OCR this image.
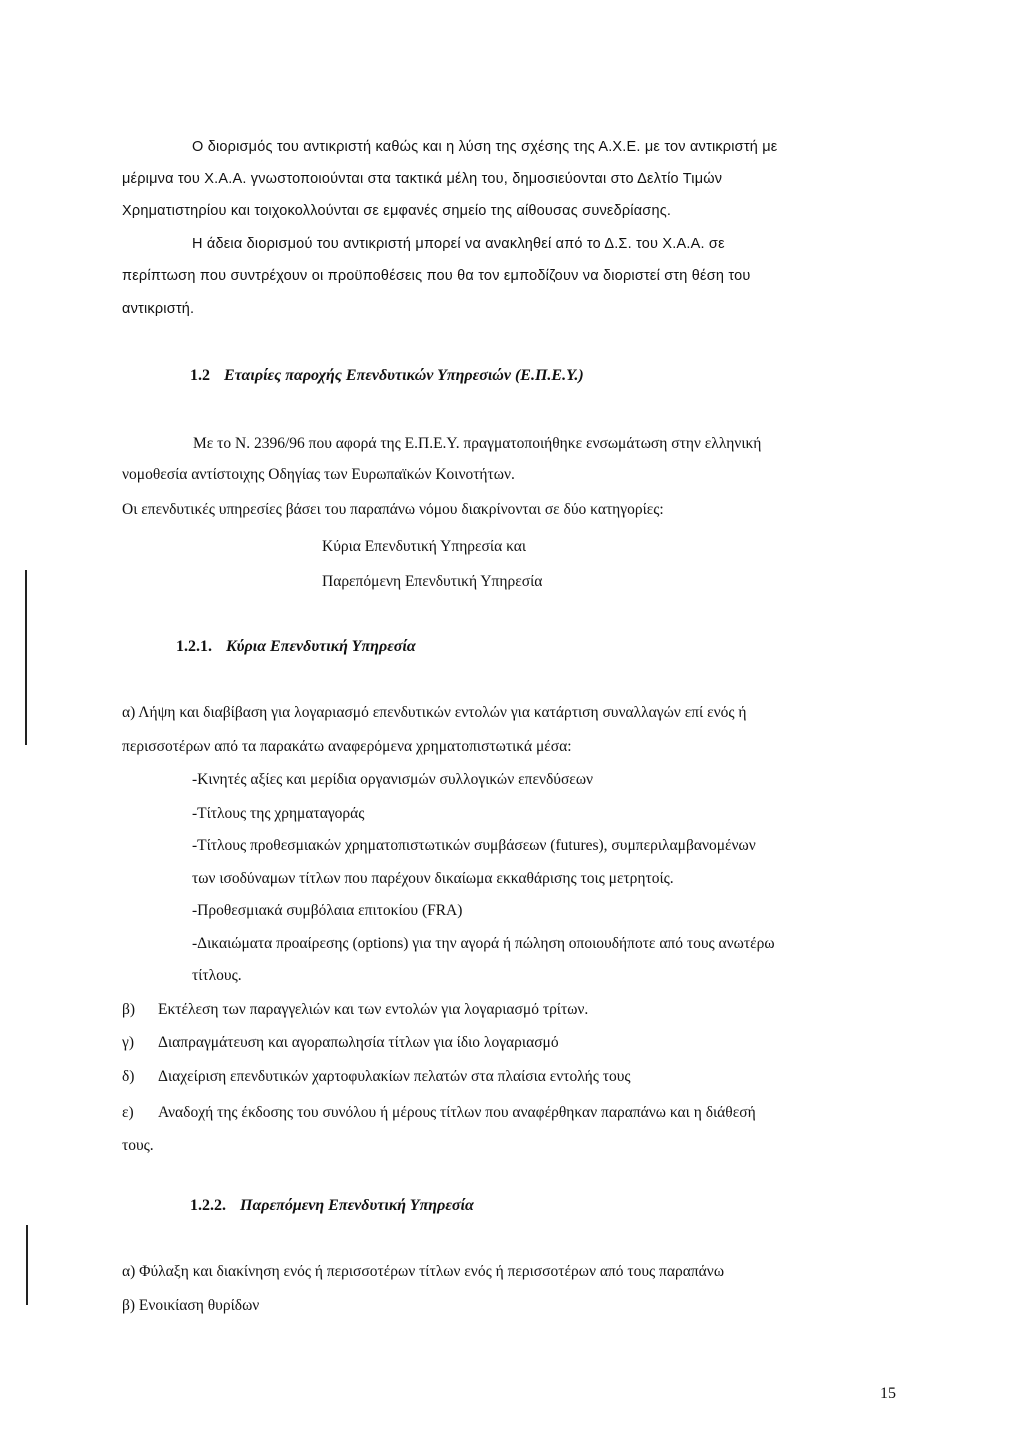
Ο διορισμός του αντικριστή καθώς και η λύση της σχέσης της Α.Χ.Ε. με τον αντικριστή με
μέριμνα του Χ.Α.Α. γνωστοποιούνται στα τακτικά μέλη του, δημοσιεύονται στο Δελτίο Τιμών
Χρηματιστηρίου και τοιχοκολλούνται σε εμφανές σημείο της αίθουσας συνεδρίασης.
Η άδεια διορισμού του αντικριστή μπορεί να ανακληθεί από το Δ.Σ. του Χ.Α.Α. σε
περίπτωση που συντρέχουν οι προϋποθέσεις που θα τον εμποδίζουν να διοριστεί στη θέση του
αντικριστή.
1.2 Εταιρίες παροχής Επενδυτικών Υπηρεσιών (Ε.Π.Ε.Υ.)
Με το Ν. 2396/96 που αφορά της Ε.Π.Ε.Υ. πραγματοποιήθηκε ενσωμάτωση στην ελληνική
νομοθεσία αντίστοιχης Οδηγίας των Ευρωπαϊκών Κοινοτήτων.
Οι επενδυτικές υπηρεσίες βάσει του παραπάνω νόμου διακρίνονται σε δύο κατηγορίες:
Κύρια Επενδυτική Υπηρεσία και
Παρεπόμενη Επενδυτική Υπηρεσία
1.2.1. Κύρια Επενδυτική Υπηρεσία
α) Λήψη και διαβίβαση για λογαριασμό επενδυτικών εντολών για κατάρτιση συναλλαγών επί ενός ή
περισσοτέρων από τα παρακάτω αναφερόμενα χρηματοπιστωτικά μέσα:
-Κινητές αξίες και μερίδια οργανισμών συλλογικών επενδύσεων
-Τίτλους της χρηματαγοράς
-Τίτλους προθεσμιακών χρηματοπιστωτικών συμβάσεων (futures), συμπεριλαμβανομένων
των ισοδύναμων τίτλων που παρέχουν δικαίωμα εκκαθάρισης τοις μετρητοίς.
-Προθεσμιακά συμβόλαια επιτοκίου (FRA)
-Δικαιώματα προαίρεσης (options) για την αγορά ή πώληση οποιουδήποτε από τους ανωτέρω
τίτλους.
β) Εκτέλεση των παραγγελιών και των εντολών για λογαριασμό τρίτων.
γ) Διαπραγμάτευση και αγοραπωλησία τίτλων για ίδιο λογαριασμό
δ) Διαχείριση επενδυτικών χαρτοφυλακίων πελατών στα πλαίσια εντολής τους
ε) Αναδοχή της έκδοσης του συνόλου ή μέρους τίτλων που αναφέρθηκαν παραπάνω και η διάθεσή
τους.
1.2.2. Παρεπόμενη Επενδυτική Υπηρεσία
α) Φύλαξη και διακίνηση ενός ή περισσοτέρων τίτλων ενός ή περισσοτέρων από τους παραπάνω
β) Ενοικίαση θυρίδων
15
